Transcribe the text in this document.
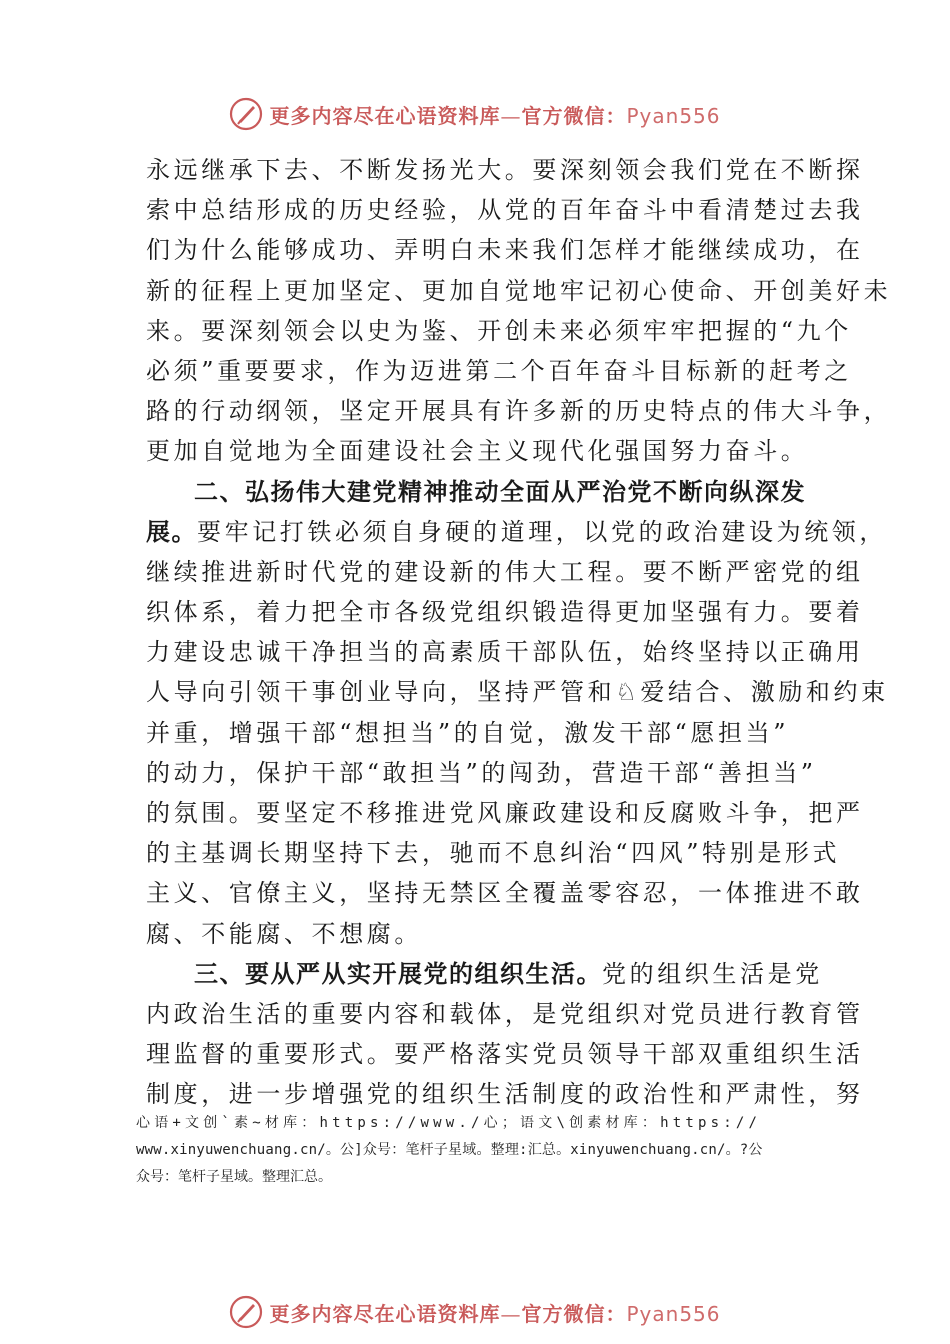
更多内容尽在心语资料库—官方微信：Pyan556
永远继承下去、不断发扬光大。要深刻领会我们党在不断探
索中总结形成的历史经验，从党的百年奋斗中看清楚过去我
们为什么能够成功、弄明白未来我们怎样才能继续成功，在
新的征程上更加坚定、更加自觉地牢记初心使命、开创美好未
来。要深刻领会以史为鉴、开创未来必须牢牢把握的“九个
必须”重要要求，作为迈进第二个百年奋斗目标新的赶考之
路的行动纲领，坚定开展具有许多新的历史特点的伟大斗争，
更加自觉地为全面建设社会主义现代化强国努力奋斗。
二、弘扬伟大建党精神推动全面从严治党不断向纵深发
展。要牢记打铁必须自身硬的道理，以党的政治建设为统领，
继续推进新时代党的建设新的伟大工程。要不断严密党的组
织体系，着力把全市各级党组织锻造得更加坚强有力。要着
力建设忠诚干净担当的高素质干部队伍，始终坚持以正确用
人导向引领干事创业导向，坚持严管和♘爱结合、激励和约束
并重，增强干部“想担当”的自觉，激发干部“愿担当”
的动力，保护干部“敢担当”的闯劲，营造干部“善担当”
的氛围。要坚定不移推进党风廉政建设和反腐败斗争，把严
的主基调长期坚持下去，驰而不息纠治“四风”特别是形式
主义、官僚主义，坚持无禁区全覆盖零容忍，一体推进不敢
腐、不能腐、不想腐。
三、要从严从实开展党的组织生活。党的组织生活是党
内政治生活的重要内容和载体，是党组织对党员进行教育管
理监督的重要形式。要严格落实党员领导干部双重组织生活
制度，进一步增强党的组织生活制度的政治性和严肃性，努
心语+文创`素~材库：https://www./心；语文\创素材库：https://
www.xinyuwenchuang.cn/。公]众号：笔杆子星域。整理:汇总。xinyuwenchuang.cn/。?公
众号：笔杆子星域。整理汇总。
更多内容尽在心语资料库—官方微信：Pyan556
